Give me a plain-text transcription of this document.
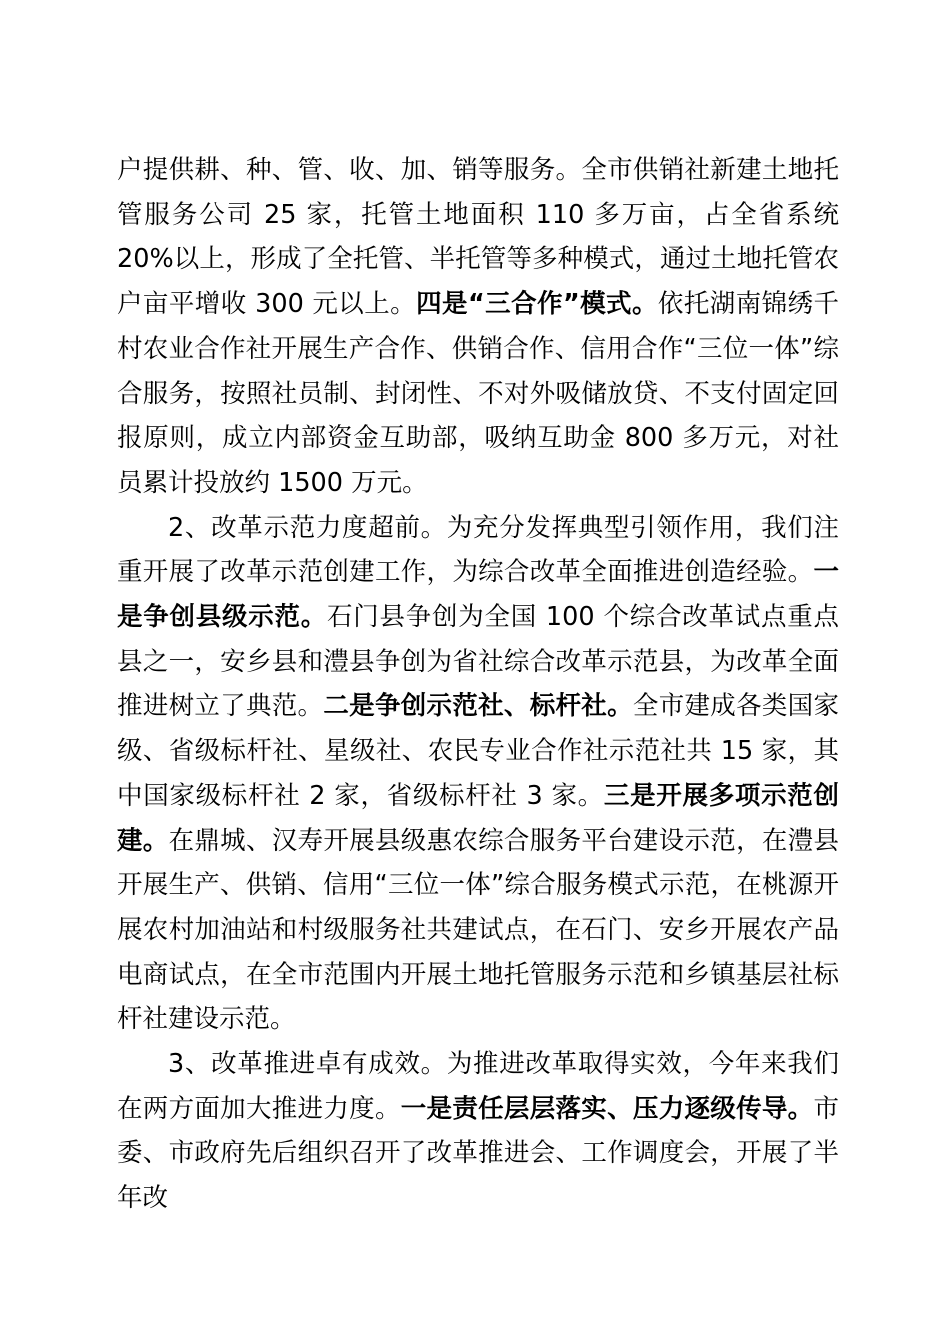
户提供耕、种、管、收、加、销等服务。全市供销社新建土地托管服务公司 25 家，托管土地面积 110 多万亩，占全省系统 20%以上，形成了全托管、半托管等多种模式，通过土地托管农户亩平增收 300 元以上。四是“三合作”模式。依托湖南锦绣千村农业合作社开展生产合作、供销合作、信用合作“三位一体”综合服务，按照社员制、封闭性、不对外吸储放贷、不支付固定回报原则，成立内部资金互助部，吸纳互助金 800 多万元，对社员累计投放约 1500 万元。

2、改革示范力度超前。为充分发挥典型引领作用，我们注重开展了改革示范创建工作，为综合改革全面推进创造经验。一是争创县级示范。石门县争创为全国 100 个综合改革试点重点县之一，安乡县和澧县争创为省社综合改革示范县，为改革全面推进树立了典范。二是争创示范社、标杆社。全市建成各类国家级、省级标杆社、星级社、农民专业合作社示范社共 15 家，其中国家级标杆社 2 家，省级标杆社 3 家。三是开展多项示范创建。在鼎城、汉寿开展县级惠农综合服务平台建设示范，在澧县开展生产、供销、信用“三位一体”综合服务模式示范，在桃源开展农村加油站和村级服务社共建试点，在石门、安乡开展农产品电商试点，在全市范围内开展土地托管服务示范和乡镇基层社标杆社建设示范。

3、改革推进卓有成效。为推进改革取得实效，今年来我们在两方面加大推进力度。一是责任层层落实、压力逐级传导。市委、市政府先后组织召开了改革推进会、工作调度会，开展了半年改
